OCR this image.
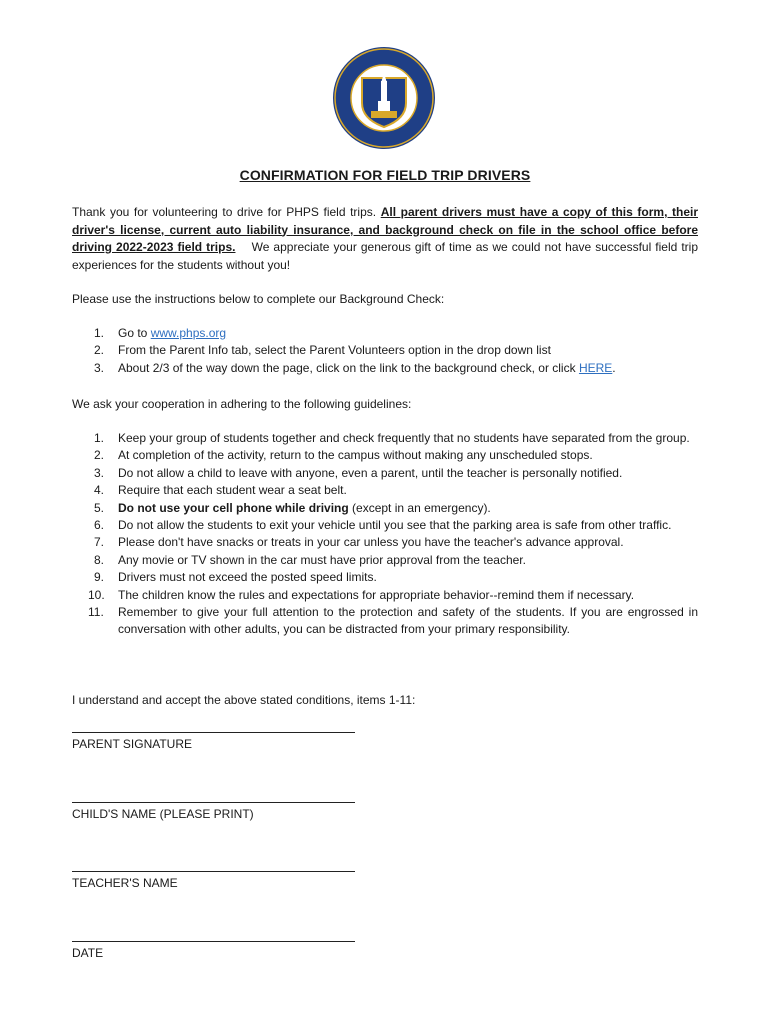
CONFIRMATION FOR FIELD TRIP DRIVERS
Thank you for volunteering to drive for PHPS field trips. All parent drivers must have a copy of this form, their driver's license, current auto liability insurance, and background check on file in the school office before driving 2022-2023 field trips. We appreciate your generous gift of time as we could not have successful field trip experiences for the students without you!
Please use the instructions below to complete our Background Check:
1. Go to www.phps.org
2. From the Parent Info tab, select the Parent Volunteers option in the drop down list
3. About 2/3 of the way down the page, click on the link to the background check, or click HERE.
We ask your cooperation in adhering to the following guidelines:
1. Keep your group of students together and check frequently that no students have separated from the group.
2. At completion of the activity, return to the campus without making any unscheduled stops.
3. Do not allow a child to leave with anyone, even a parent, until the teacher is personally notified.
4. Require that each student wear a seat belt.
5. Do not use your cell phone while driving (except in an emergency).
6. Do not allow the students to exit your vehicle until you see that the parking area is safe from other traffic.
7. Please don't have snacks or treats in your car unless you have the teacher's advance approval.
8. Any movie or TV shown in the car must have prior approval from the teacher.
9. Drivers must not exceed the posted speed limits.
10. The children know the rules and expectations for appropriate behavior--remind them if necessary.
11. Remember to give your full attention to the protection and safety of the students. If you are engrossed in conversation with other adults, you can be distracted from your primary responsibility.
I understand and accept the above stated conditions, items 1-11:
PARENT SIGNATURE
CHILD'S NAME (PLEASE PRINT)
TEACHER'S NAME
DATE
